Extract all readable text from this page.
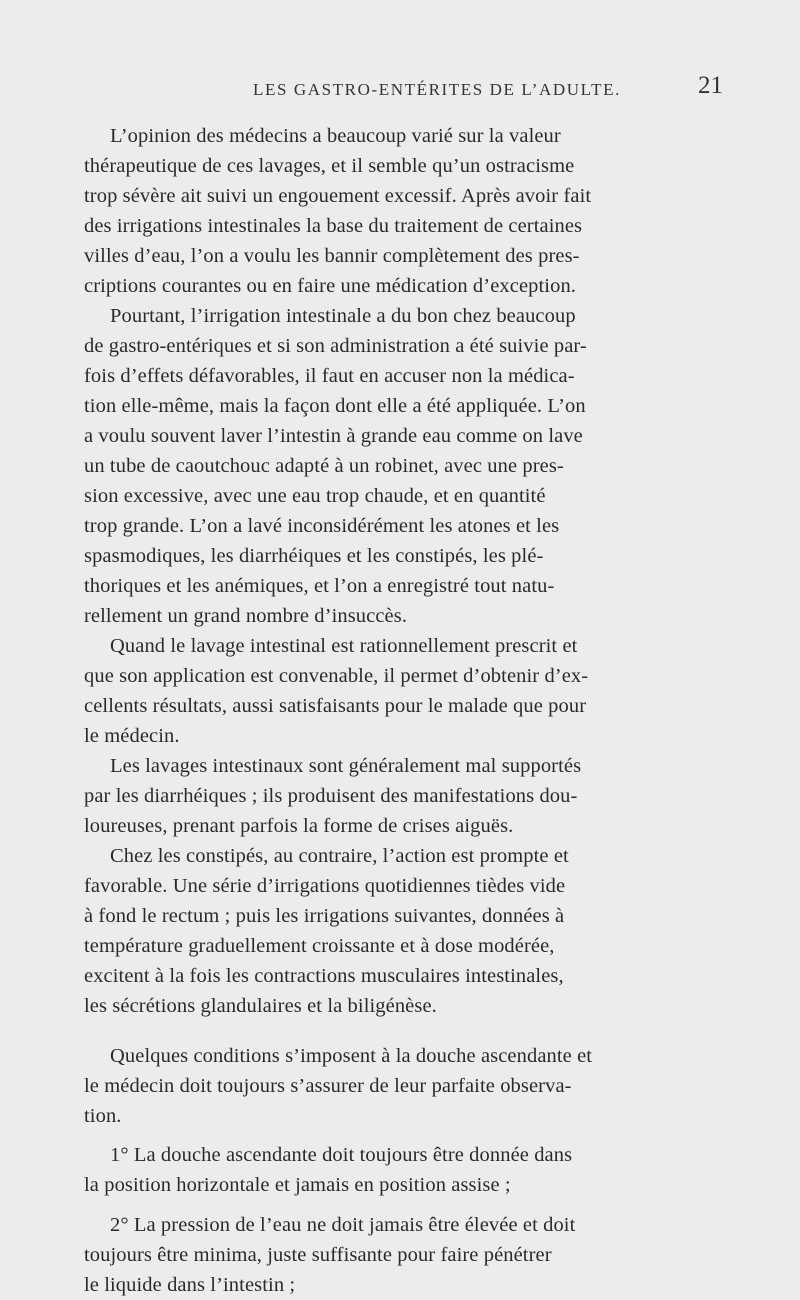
LES GASTRO-ENTÉRITES DE L’ADULTE.	21
L’opinion des médecins a beaucoup varié sur la valeur
thérapeutique de ces lavages, et il semble qu’un ostracisme
trop sévère ait suivi un engouement excessif. Après avoir fait
des irrigations intestinales la base du traitement de certaines
villes d’eau, l’on a voulu les bannir complètement des pres-
criptions courantes ou en faire une médication d’exception.
Pourtant, l’irrigation intestinale a du bon chez beaucoup
de gastro-entériques et si son administration a été suivie par-
fois d’effets défavorables, il faut en accuser non la médica-
tion elle-même, mais la façon dont elle a été appliquée. L’on
a voulu souvent laver l’intestin à grande eau comme on lave
un tube de caoutchouc adapté à un robinet, avec une pres-
sion excessive, avec une eau trop chaude, et en quantité
trop grande. L’on a lavé inconsidérément les atones et les
spasmodiques, les diarrhéiques et les constipés, les plé-
thoriques et les anémiques, et l’on a enregistré tout natu-
rellement un grand nombre d’insuccès.
Quand le lavage intestinal est rationnellement prescrit et
que son application est convenable, il permet d’obtenir d’ex-
cellents résultats, aussi satisfaisants pour le malade que pour
le médecin.
Les lavages intestinaux sont généralement mal supportés
par les diarrhéiques ; ils produisent des manifestations dou-
loureuses, prenant parfois la forme de crises aiguës.
Chez les constipés, au contraire, l’action est prompte et
favorable. Une série d’irrigations quotidiennes tièdes vide
à fond le rectum ; puis les irrigations suivantes, données à
température graduellement croissante et à dose modérée,
excitent à la fois les contractions musculaires intestinales,
les sécrétions glandulaires et la biligénèse.
Quelques conditions s’imposent à la douche ascendante et
le médecin doit toujours s’assurer de leur parfaite observa-
tion.
1° La douche ascendante doit toujours être donnée dans
la position horizontale et jamais en position assise ;
2° La pression de l’eau ne doit jamais être élevée et doit
toujours être minima, juste suffisante pour faire pénétrer
le liquide dans l’intestin ;
